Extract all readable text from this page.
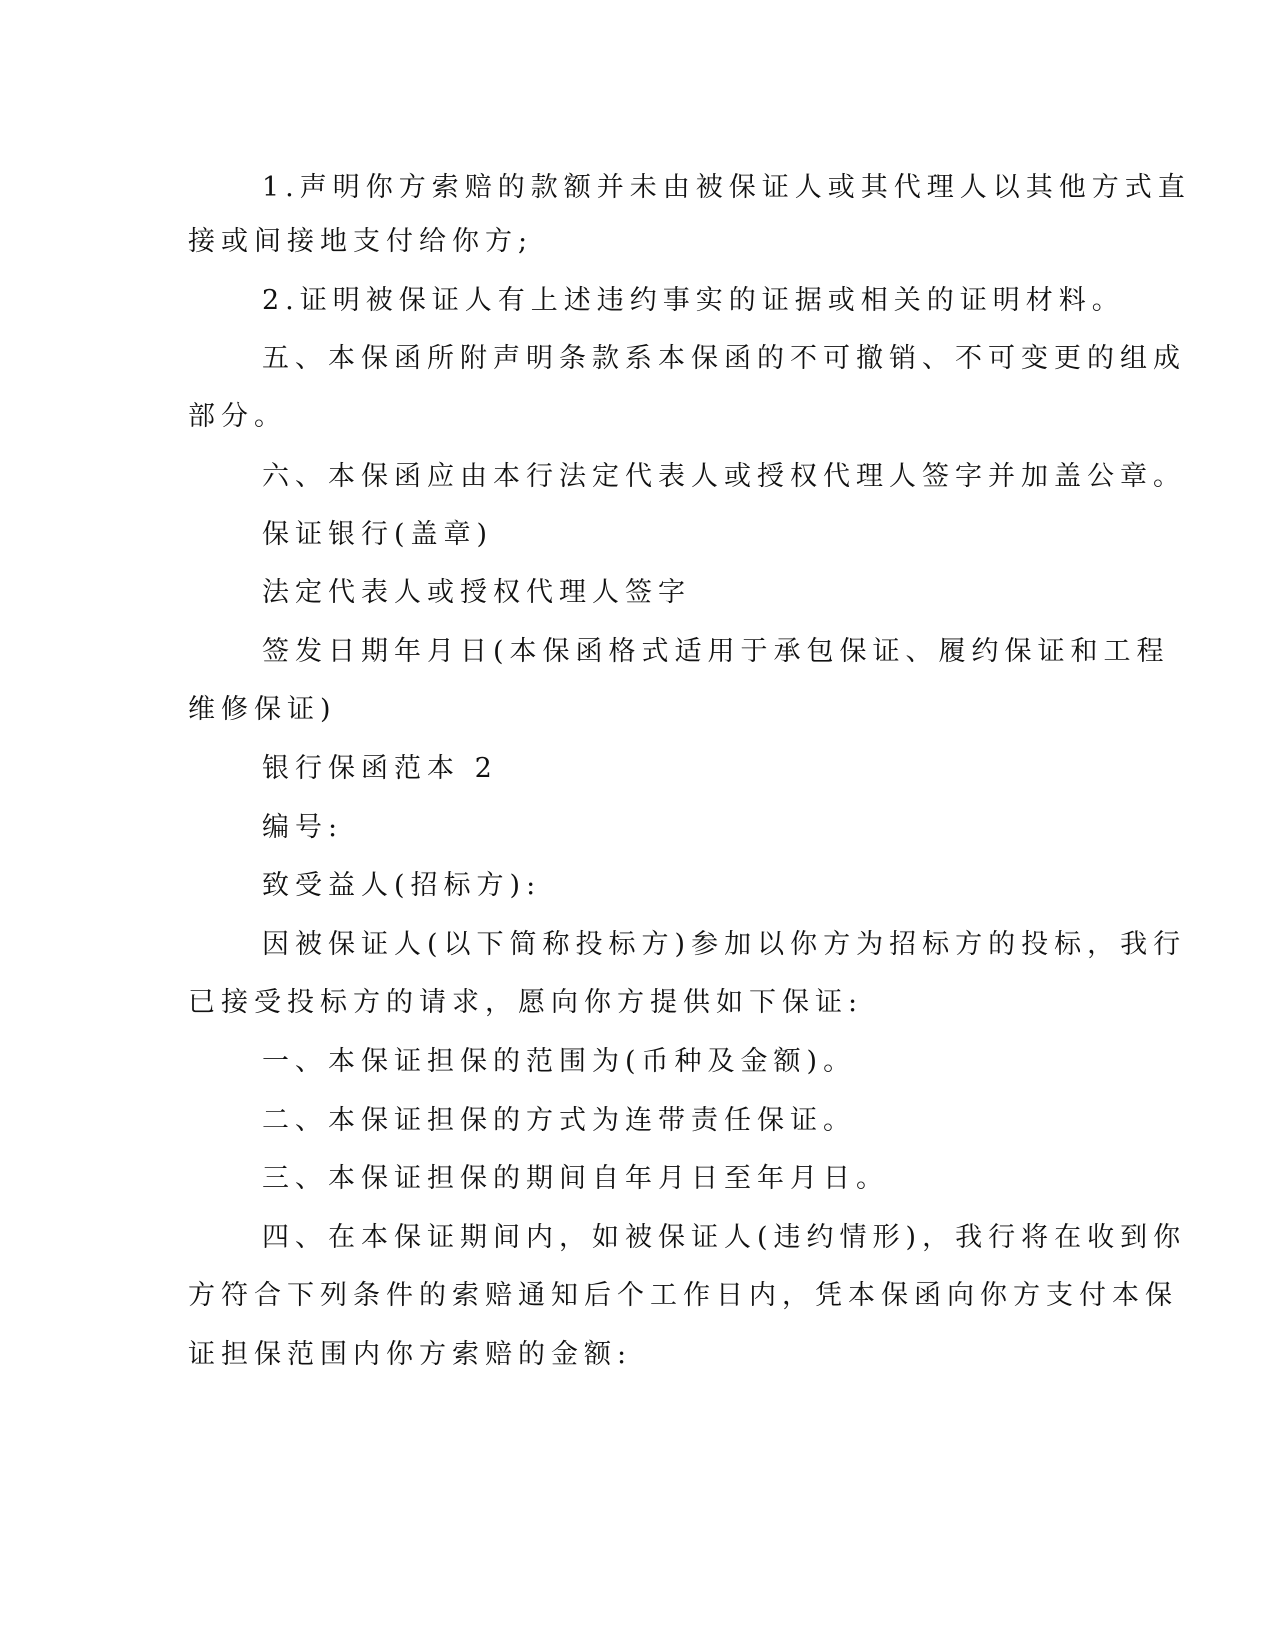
1.声明你方索赔的款额并未由被保证人或其代理人以其他方式直
接或间接地支付给你方;
2.证明被保证人有上述违约事实的证据或相关的证明材料。
五、本保函所附声明条款系本保函的不可撤销、不可变更的组成
部分。
六、本保函应由本行法定代表人或授权代理人签字并加盖公章。
保证银行(盖章)
法定代表人或授权代理人签字
签发日期年月日(本保函格式适用于承包保证、履约保证和工程
维修保证)
银行保函范本 2
编号:
致受益人(招标方):
因被保证人(以下简称投标方)参加以你方为招标方的投标，我行
已接受投标方的请求，愿向你方提供如下保证:
一、本保证担保的范围为(币种及金额)。
二、本保证担保的方式为连带责任保证。
三、本保证担保的期间自年月日至年月日。
四、在本保证期间内，如被保证人(违约情形)，我行将在收到你
方符合下列条件的索赔通知后个工作日内，凭本保函向你方支付本保
证担保范围内你方索赔的金额:
